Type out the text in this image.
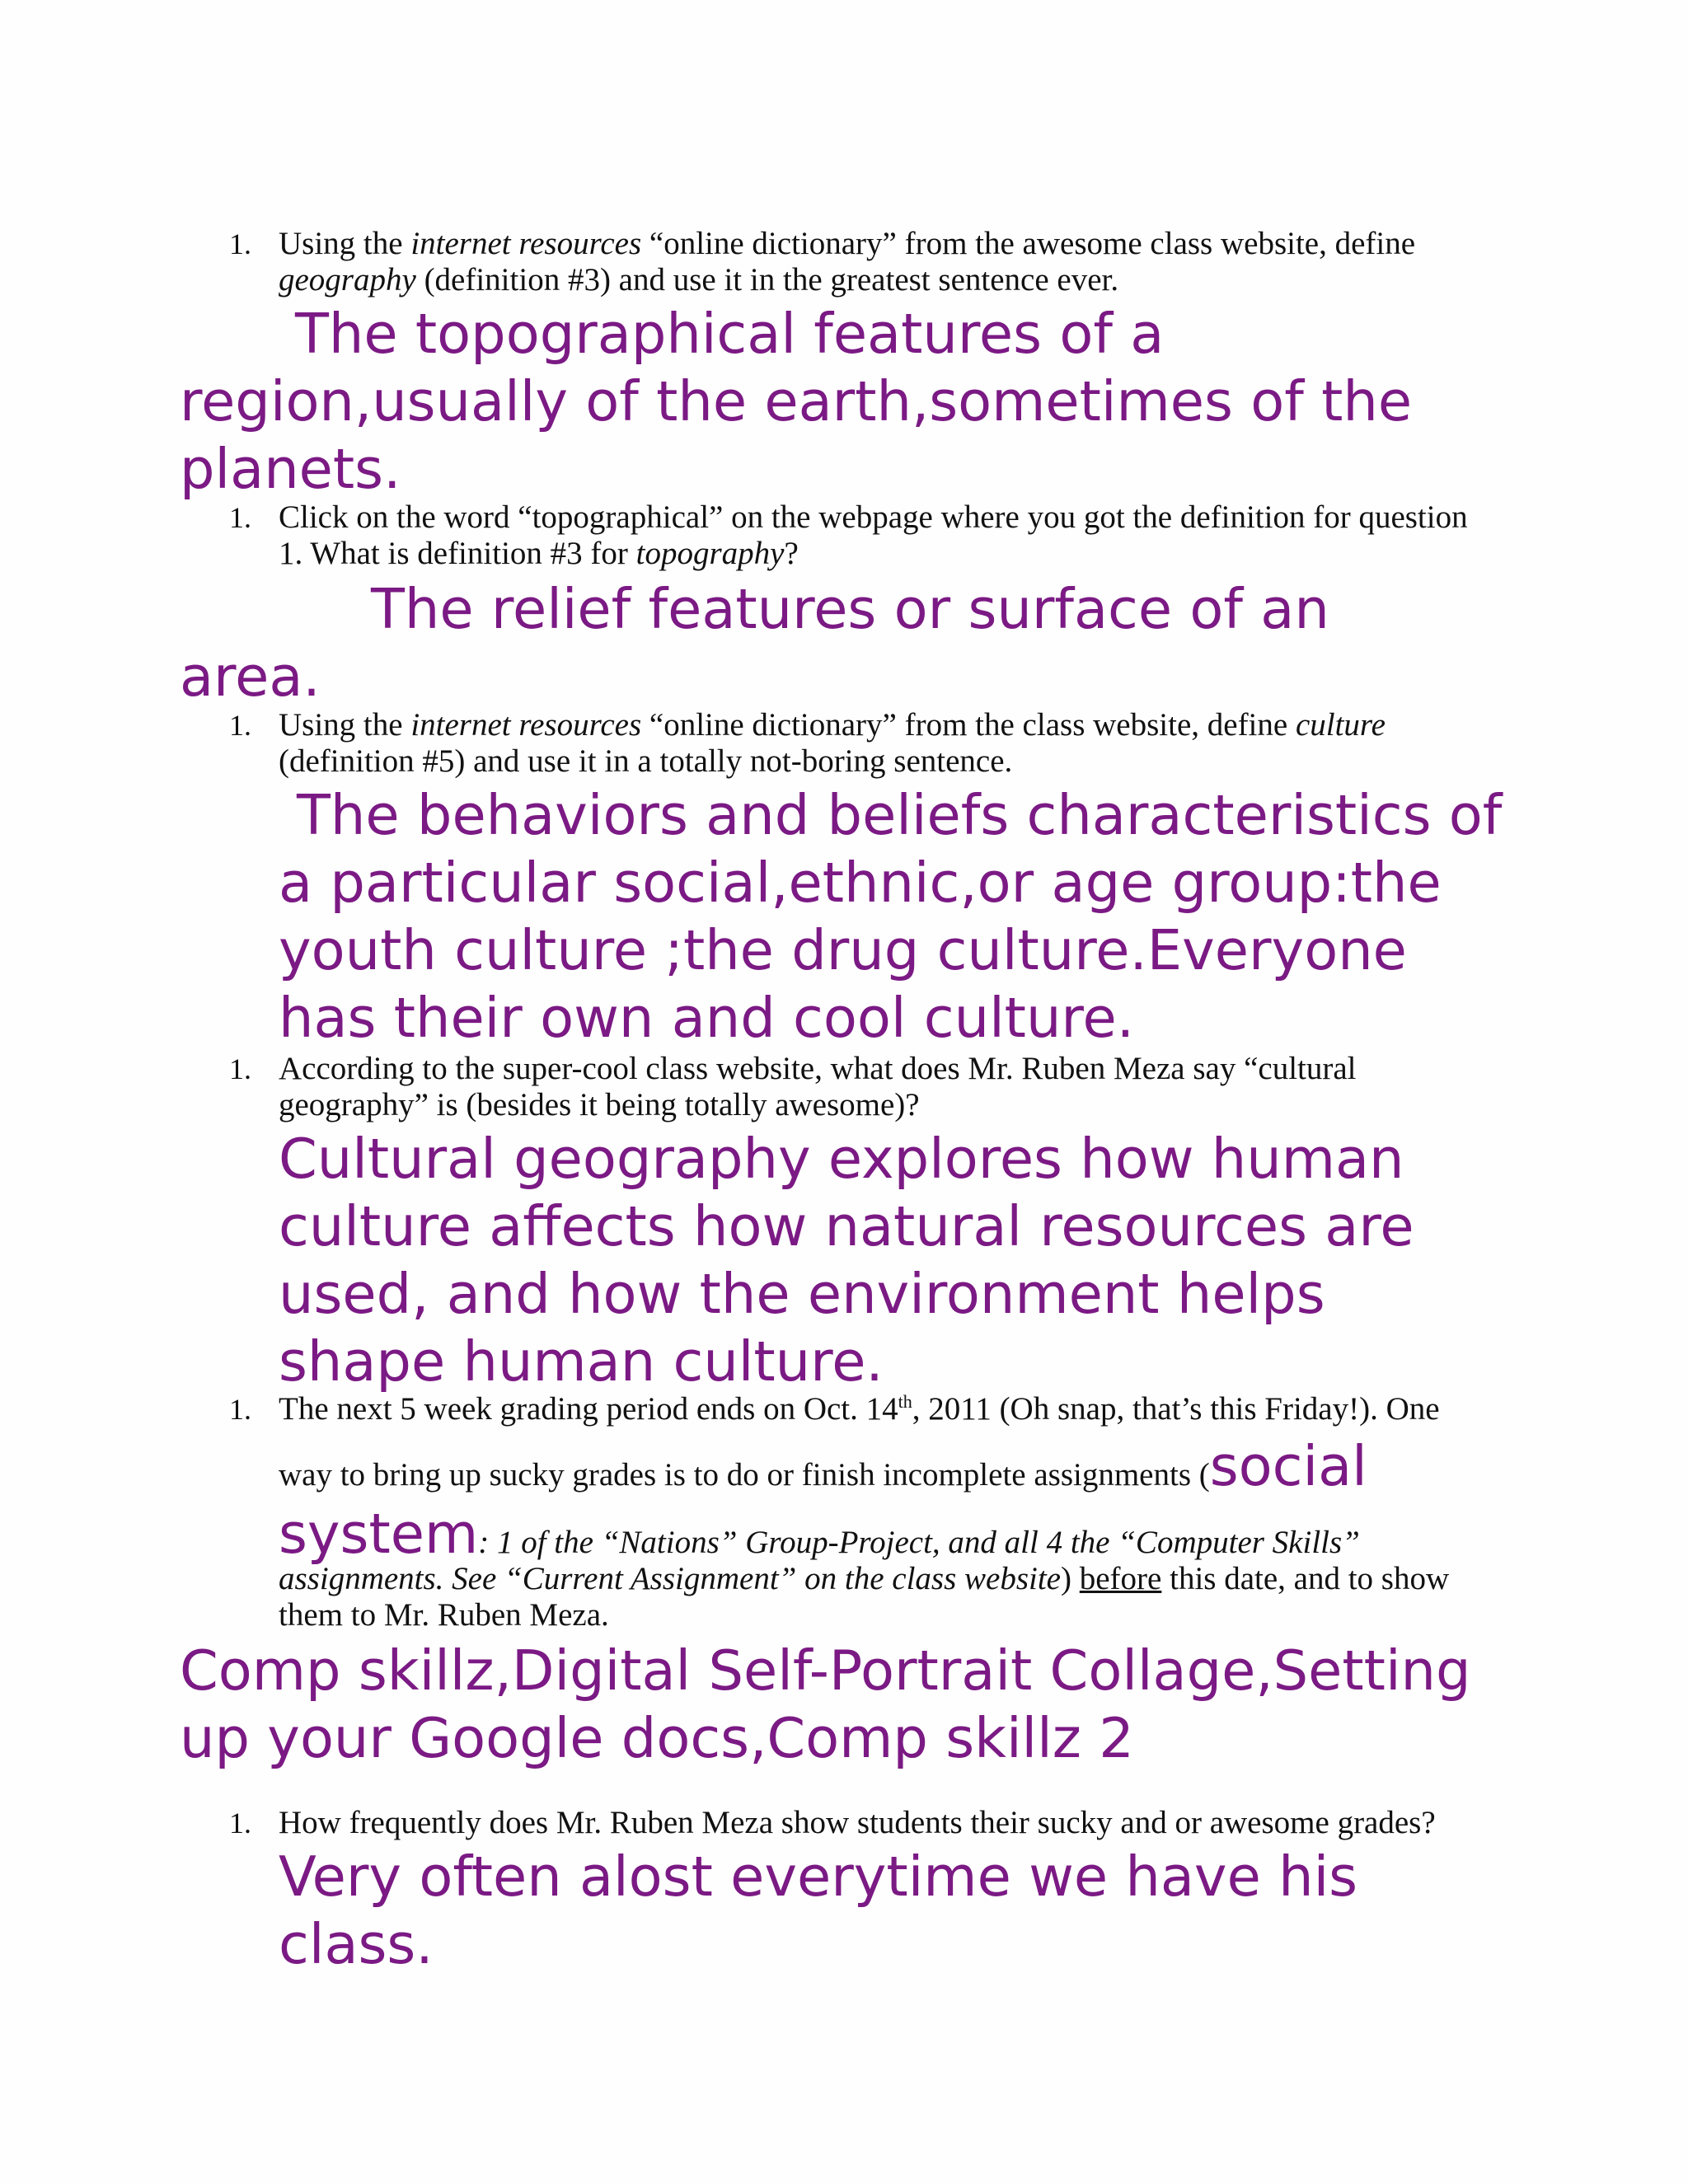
1. Using the internet resources “online dictionary” from the awesome class website, define
geography (definition #3) and use it in the greatest sentence ever.
The topographical features of a
region,usually of the earth,sometimes of the
planets.
1. Click on the word “topographical” on the webpage where you got the definition for question
1. What is definition #3 for topography?
The relief features or surface of an
area.
1. Using the internet resources “online dictionary” from the class website, define culture
(definition #5) and use it in a totally not-boring sentence.
The behaviors and beliefs characteristics of
a particular social,ethnic,or age group:the
youth culture ;the drug culture.Everyone
has their own and cool culture.
1. According to the super-cool class website, what does Mr. Ruben Meza say “cultural
geography” is (besides it being totally awesome)?
Cultural geography explores how human
culture affects how natural resources are
used, and how the environment helps
shape human culture.
1. The next 5 week grading period ends on Oct. 14th, 2011 (Oh snap, that’s this Friday!). One
way to bring up sucky grades is to do or finish incomplete assignments (social
system: 1 of the “Nations” Group-Project, and all 4 the “Computer Skills”
assignments. See “Current Assignment” on the class website) before this date, and to show
them to Mr. Ruben Meza.
Comp skillz,Digital Self-Portrait Collage,Setting
up your Google docs,Comp skillz 2
1. How frequently does Mr. Ruben Meza show students their sucky and or awesome grades?
Very often alost everytime we have his
class.
